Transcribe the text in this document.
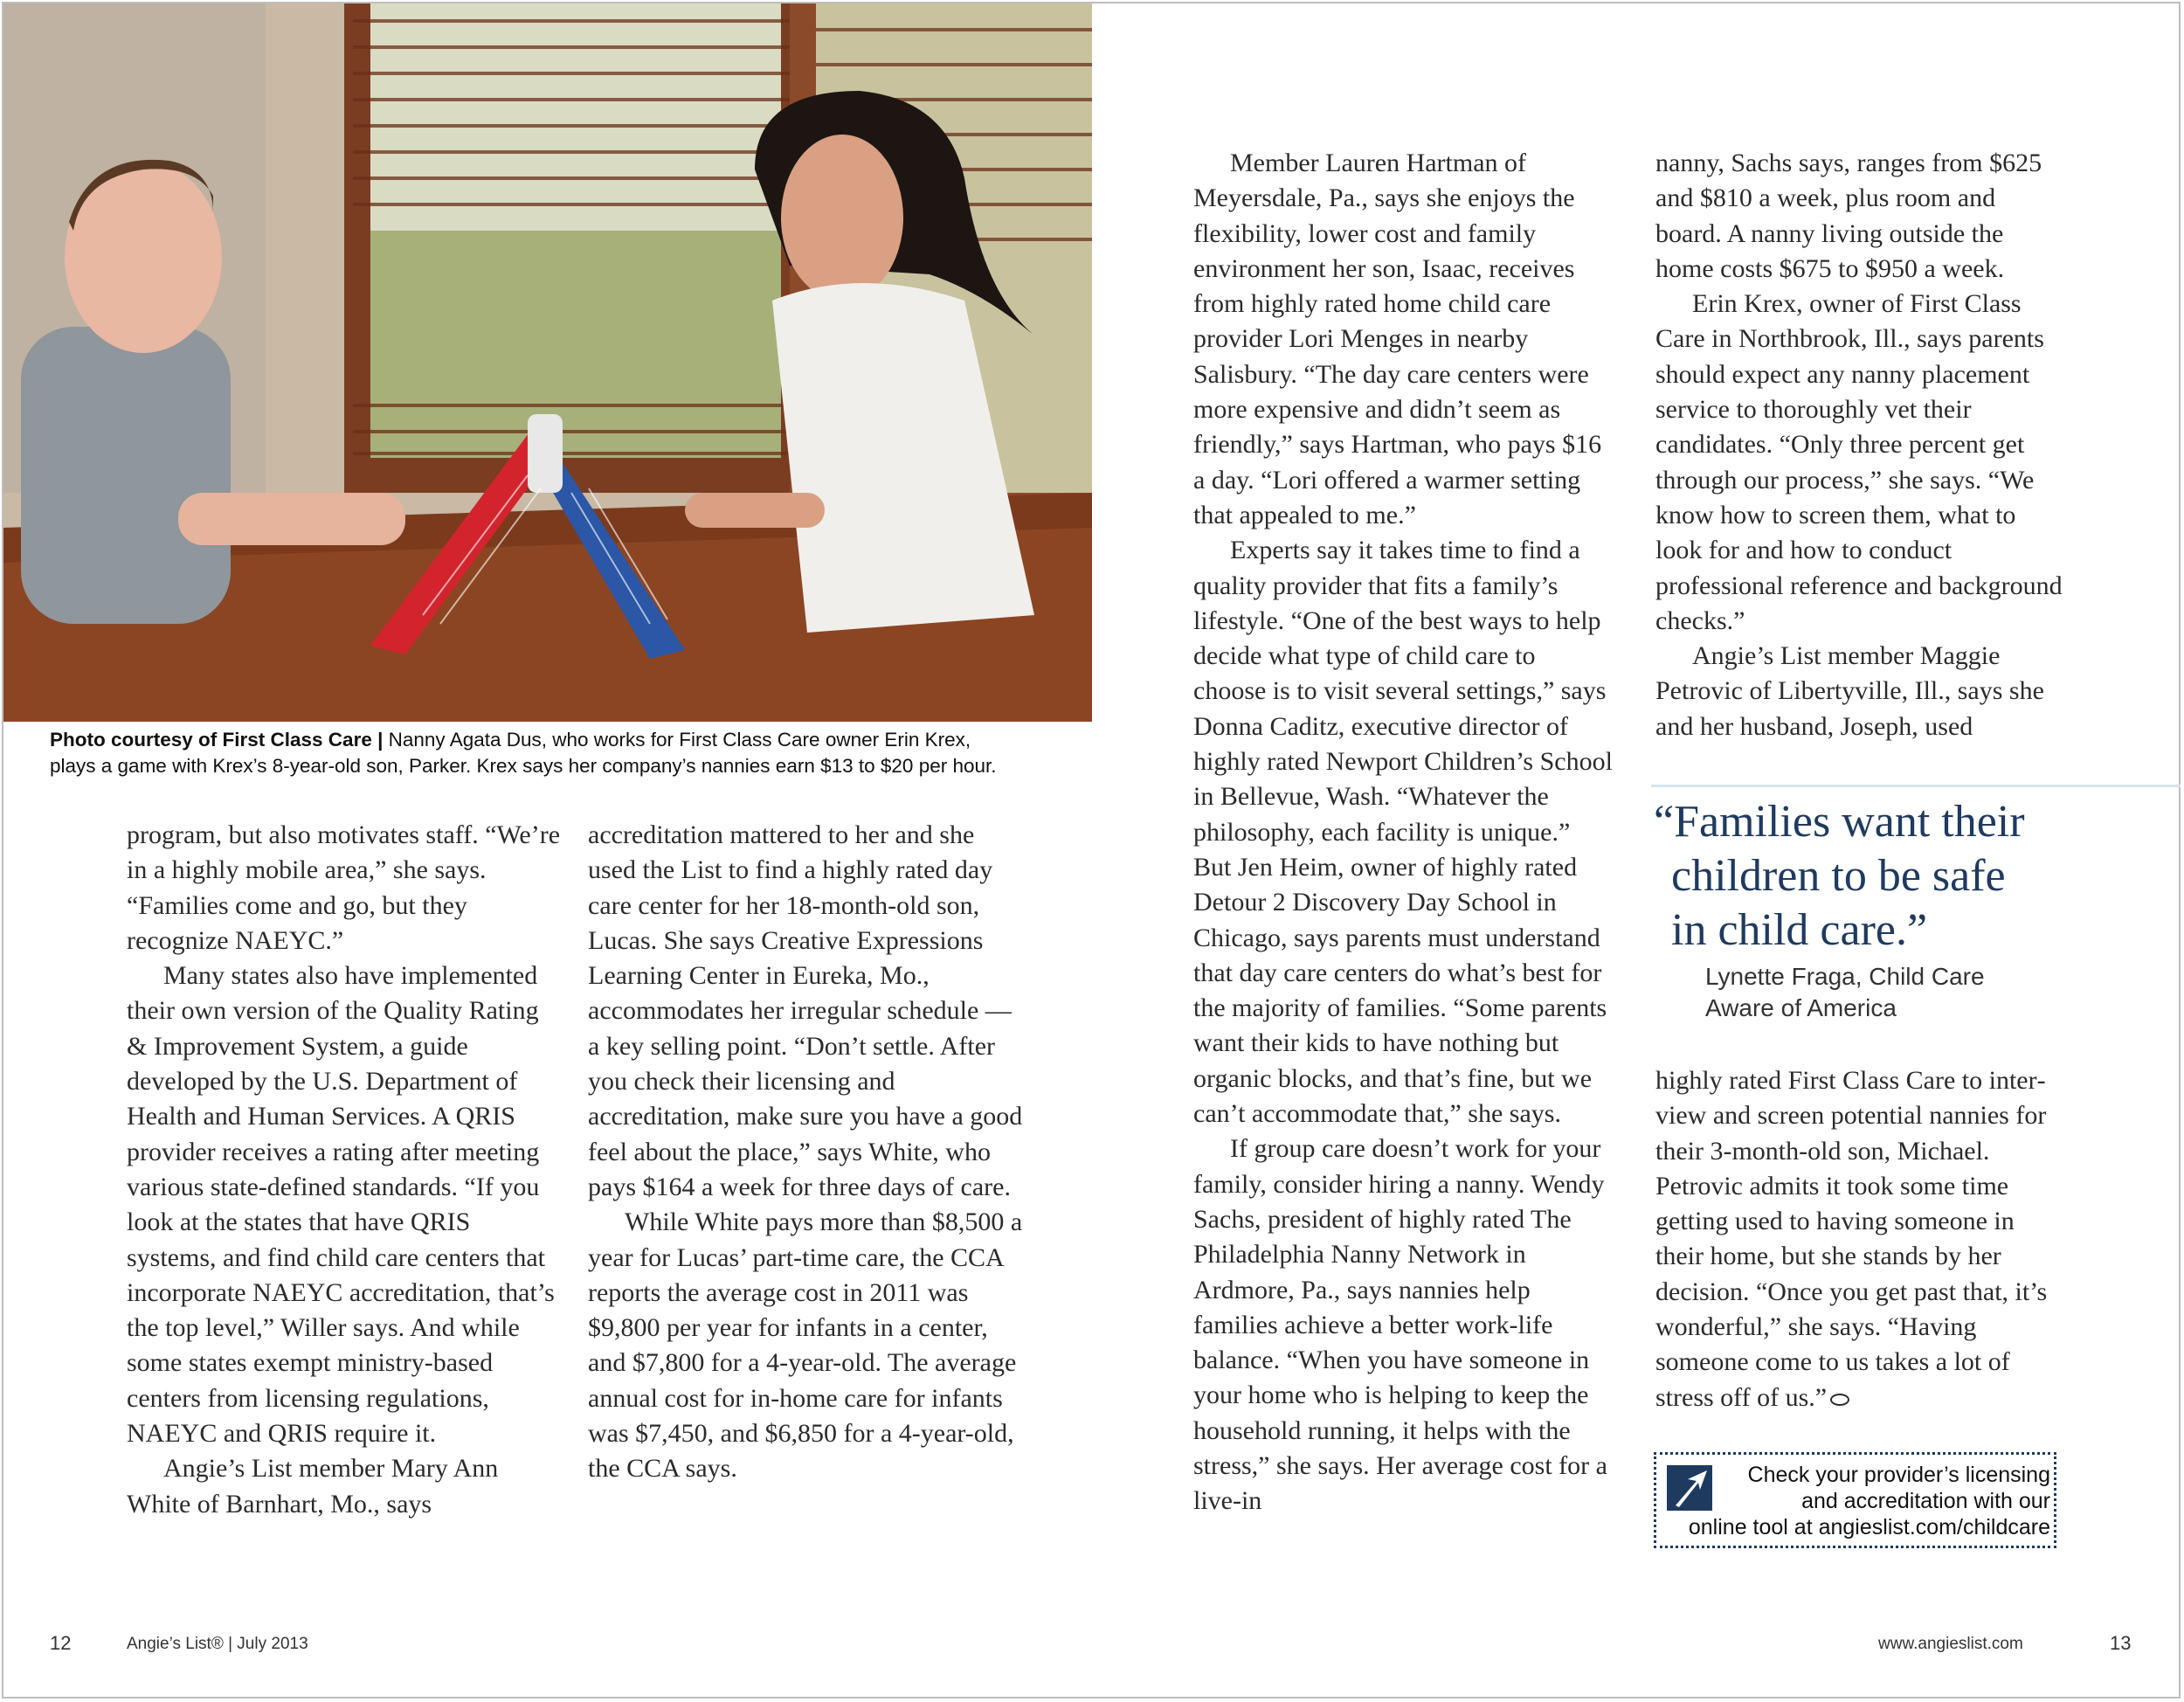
Photo courtesy of First Class Care | Nanny Agata Dus, who works for First Class Care owner Erin Krex,
plays a game with Krex’s 8-year-old son, Parker. Krex says her company’s nannies earn $13 to $20 per hour.

program, but also motivates staff. “We’re in a highly mobile area,” she says. “Families come and go, but they recognize NAEYC.”

Many states also have implemented their own version of the Quality Rating & Improvement System, a guide developed by the U.S. Department of Health and Human Services. A QRIS provider receives a rating after meeting various state-defined standards. “If you look at the states that have QRIS systems, and find child care centers that incorporate NAEYC accreditation, that’s the top level,” Willer says. And while some states exempt ministry-based centers from licensing regulations, NAEYC and QRIS require it.

Angie’s List member Mary Ann White of Barnhart, Mo., says

accreditation mattered to her and she used the List to find a highly rated day care center for her 18-month-old son, Lucas. She says Creative Expressions Learning Center in Eureka, Mo., accommodates her irregular schedule — a key selling point. “Don’t settle. After you check their licensing and accreditation, make sure you have a good feel about the place,” says White, who pays $164 a week for three days of care.

While White pays more than $8,500 a year for Lucas’ part-time care, the CCA reports the average cost in 2011 was $9,800 per year for infants in a center, and $7,800 for a 4-year-old. The average annual cost for in-home care for infants was $7,450, and $6,850 for a 4-year-old, the CCA says.

Member Lauren Hartman of Meyersdale, Pa., says she enjoys the flexibility, lower cost and family environment her son, Isaac, receives from highly rated home child care provider Lori Menges in nearby Salisbury. “The day care centers were more expensive and didn’t seem as friendly,” says Hartman, who pays $16 a day. “Lori offered a warmer setting that appealed to me.”

Experts say it takes time to find a quality provider that fits a family’s lifestyle. “One of the best ways to help decide what type of child care to choose is to visit several settings,” says Donna Caditz, executive director of highly rated Newport Children’s School in Bellevue, Wash. “Whatever the philosophy, each facility is unique.” But Jen Heim, owner of highly rated Detour 2 Discovery Day School in Chicago, says parents must understand that day care centers do what’s best for the majority of families. “Some parents want their kids to have nothing but organic blocks, and that’s fine, but we can’t accommodate that,” she says.

If group care doesn’t work for your family, consider hiring a nanny. Wendy Sachs, president of highly rated The Philadelphia Nanny Network in Ardmore, Pa., says nannies help families achieve a better work-life balance. “When you have someone in your home who is helping to keep the household running, it helps with the stress,” she says. Her average cost for a live-in

nanny, Sachs says, ranges from $625 and $810 a week, plus room and board. A nanny living outside the home costs $675 to $950 a week.

Erin Krex, owner of First Class Care in Northbrook, Ill., says parents should expect any nanny placement service to thoroughly vet their candidates. “Only three percent get through our process,” she says. “We know how to screen them, what to look for and how to conduct professional reference and background checks.”

Angie’s List member Maggie Petrovic of Libertyville, Ill., says she and her husband, Joseph, used

“Families want their
children to be safe
in child care.”
Lynette Fraga, Child Care
Aware of America

highly rated First Class Care to interview and screen potential nannies for their 3-month-old son, Michael. Petrovic admits it took some time getting used to having someone in their home, but she stands by her decision. “Once you get past that, it’s wonderful,” she says. “Having someone come to us takes a lot of stress off of us.”

Check your provider’s licensing
and accreditation with our
online tool at angieslist.com/childcare
12	Angie’s List® | July 2013	www.angieslist.com	13
